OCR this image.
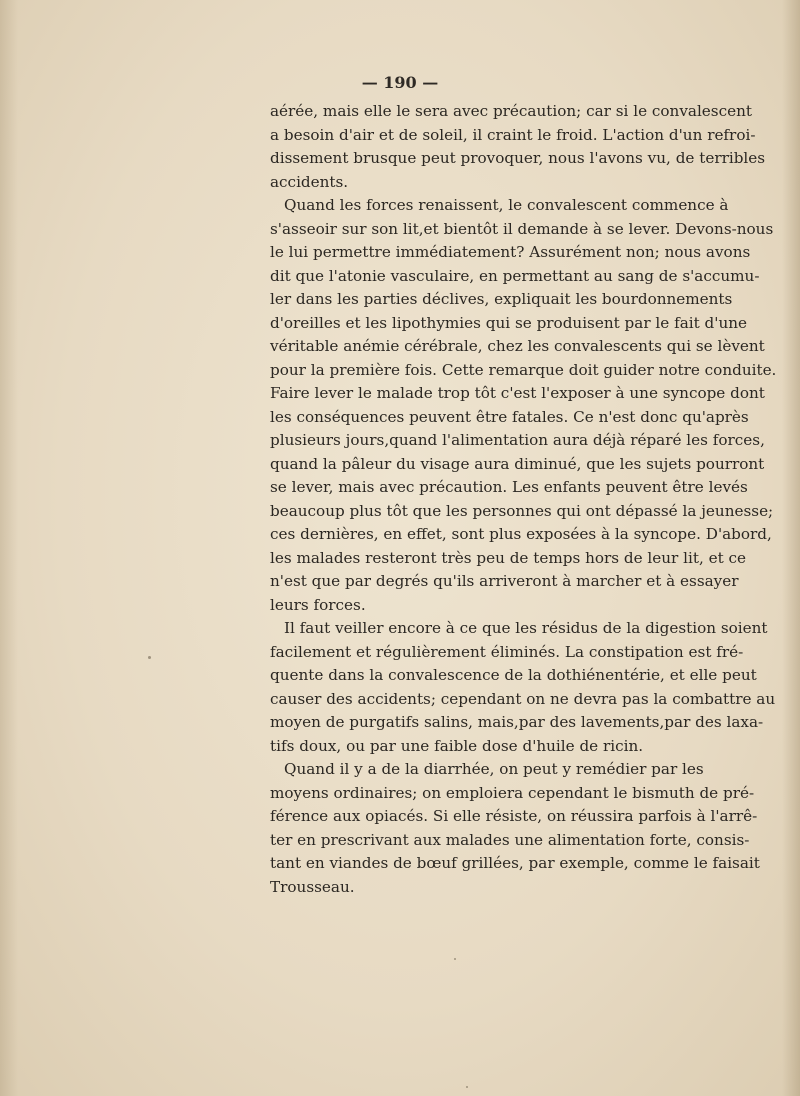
— 190 —
aérée, mais elle le sera avec précaution; car si le convalescent
a besoin d'air et de soleil, il craint le froid. L'action d'un refroi-
dissement brusque peut provoquer, nous l'avons vu, de terribles
accidents.
Quand les forces renaissent, le convalescent commence à
s'asseoir sur son lit,et bientôt il demande à se lever. Devons-nous
le lui permettre immédiatement? Assurément non; nous avons
dit que l'atonie vasculaire, en permettant au sang de s'accumu-
ler dans les parties déclives, expliquait les bourdonnements
d'oreilles et les lipothymies qui se produisent par le fait d'une
véritable anémie cérébrale, chez les convalescents qui se lèvent
pour la première fois. Cette remarque doit guider notre conduite.
Faire lever le malade trop tôt c'est l'exposer à une syncope dont
les conséquences peuvent être fatales. Ce n'est donc qu'après
plusieurs jours,quand l'alimentation aura déjà réparé les forces,
quand la pâleur du visage aura diminué, que les sujets pourront
se lever, mais avec précaution. Les enfants peuvent être levés
beaucoup plus tôt que les personnes qui ont dépassé la jeunesse;
ces dernières, en effet, sont plus exposées à la syncope. D'abord,
les malades resteront très peu de temps hors de leur lit, et ce
n'est que par degrés qu'ils arriveront à marcher et à essayer
leurs forces.
Il faut veiller encore à ce que les résidus de la digestion soient
facilement et régulièrement éliminés. La constipation est fré-
quente dans la convalescence de la dothiénentérie, et elle peut
causer des accidents; cependant on ne devra pas la combattre au
moyen de purgatifs salins, mais,par des lavements,par des laxa-
tifs doux, ou par une faible dose d'huile de ricin.
Quand il y a de la diarrhée, on peut y remédier par les
moyens ordinaires; on emploiera cependant le bismuth de pré-
férence aux opiacés. Si elle résiste, on réussira parfois à l'arrê-
ter en prescrivant aux malades une alimentation forte, consis-
tant en viandes de bœuf grillées, par exemple, comme le faisait
Trousseau.
